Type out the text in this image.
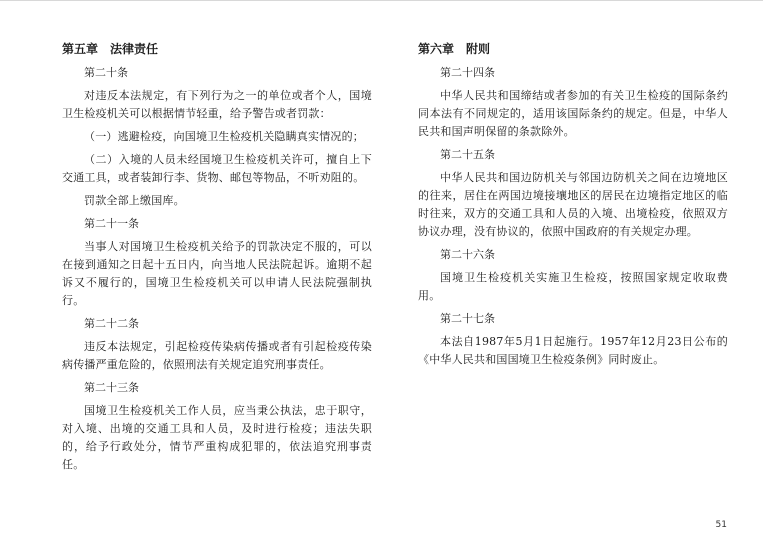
第五章　法律责任

第二十条

对违反本法规定，有下列行为之一的单位或者个人，国境卫生检疫机关可以根据情节轻重，给予警告或者罚款：

（一）逃避检疫，向国境卫生检疫机关隐瞒真实情况的；

（二）入境的人员未经国境卫生检疫机关许可，擅自上下交通工具，或者装卸行李、货物、邮包等物品，不听劝阻的。

罚款全部上缴国库。

第二十一条

当事人对国境卫生检疫机关给予的罚款决定不服的，可以在接到通知之日起十五日内，向当地人民法院起诉。逾期不起诉又不履行的，国境卫生检疫机关可以申请人民法院强制执行。

第二十二条

违反本法规定，引起检疫传染病传播或者有引起检疫传染病传播严重危险的，依照刑法有关规定追究刑事责任。

第二十三条

国境卫生检疫机关工作人员，应当秉公执法，忠于职守，对入境、出境的交通工具和人员，及时进行检疫；违法失职的，给予行政处分，情节严重构成犯罪的，依法追究刑事责任。

第六章　附则

第二十四条

中华人民共和国缔结或者参加的有关卫生检疫的国际条约同本法有不同规定的，适用该国际条约的规定。但是，中华人民共和国声明保留的条款除外。

第二十五条

中华人民共和国边防机关与邻国边防机关之间在边境地区的往来，居住在两国边境接壤地区的居民在边境指定地区的临时往来，双方的交通工具和人员的入境、出境检疫，依照双方协议办理，没有协议的，依照中国政府的有关规定办理。

第二十六条

国境卫生检疫机关实施卫生检疫，按照国家规定收取费用。

第二十七条

本法自1987年5月1日起施行。1957年12月23日公布的《中华人民共和国国境卫生检疫条例》同时废止。

51
